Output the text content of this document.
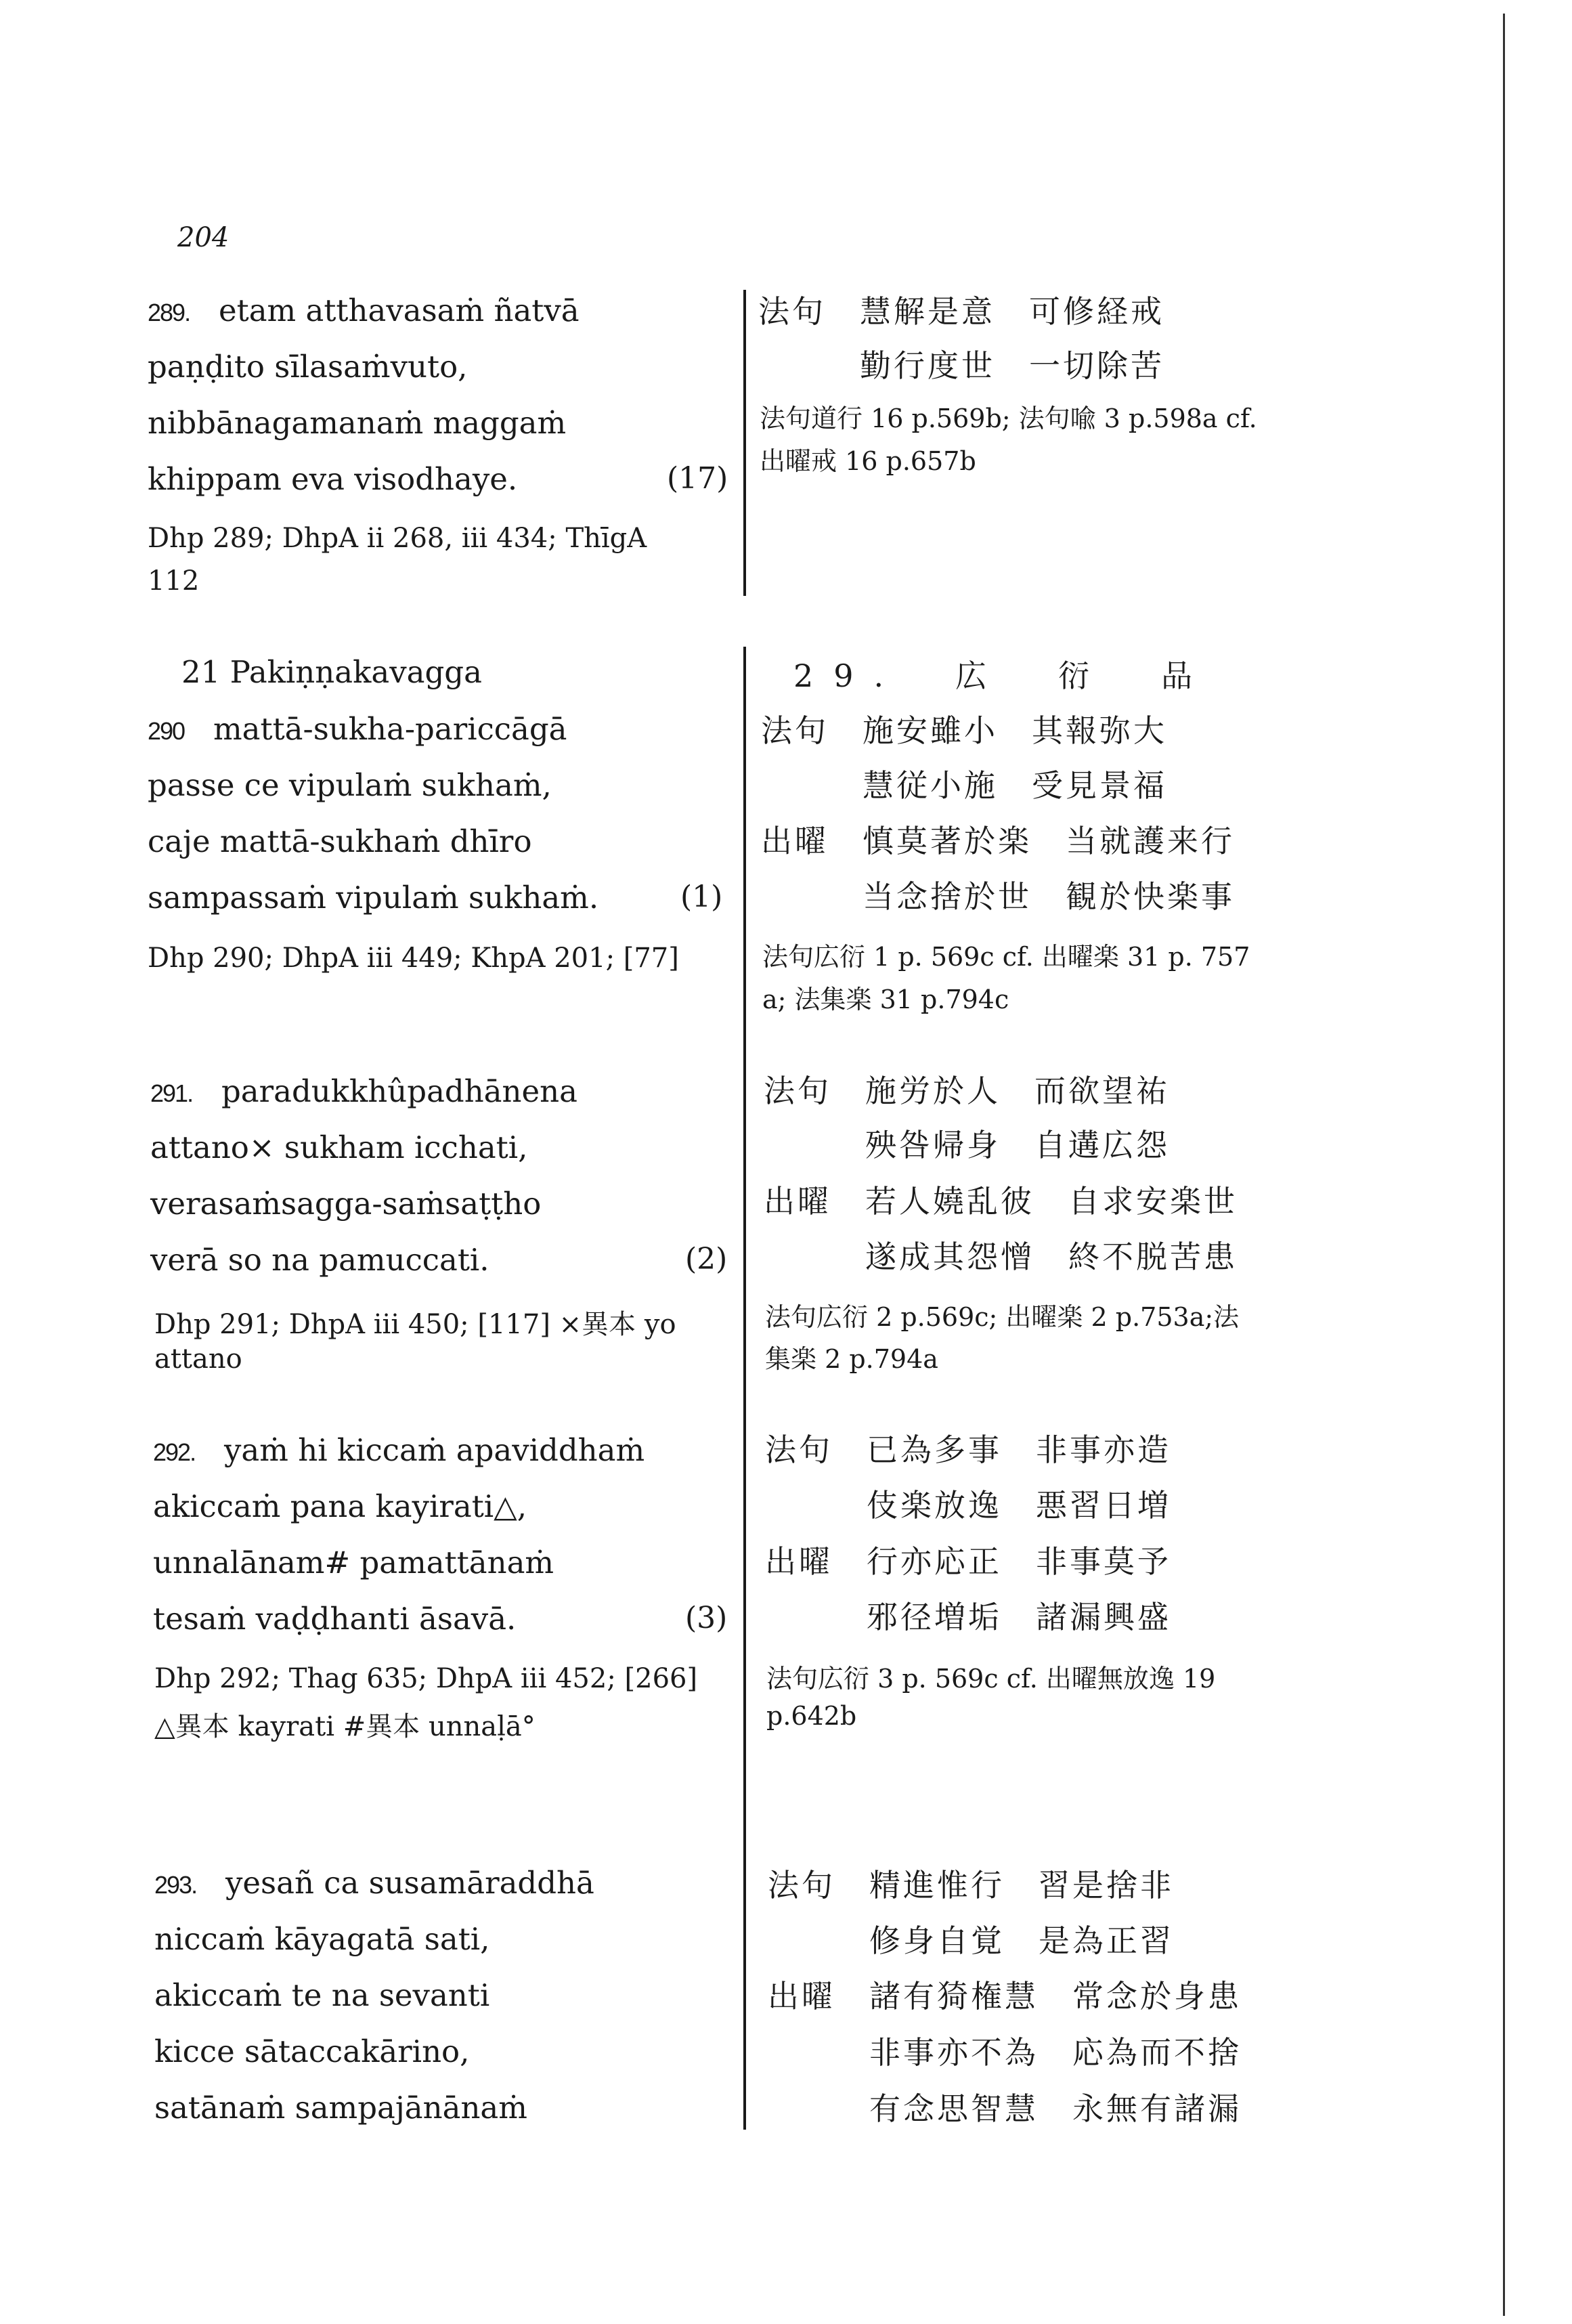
204
289. etam atthavasaṁ ñatvā
paṇḍito sīlasaṁvuto,
nibbānagamanaṁ maggaṁ
khippam eva visodhaye.	(17)
Dhp 289; DhpA ii 268, iii 434; ThīgA
112
21 Pakiṇṇakavagga
290 mattā-sukha-pariccāgā
passe ce vipulaṁ sukhaṁ,
caje mattā-sukhaṁ dhīro
sampassaṁ vipulaṁ sukhaṁ.	(1)
Dhp 290; DhpA iii 449; KhpA 201; [77]
291. paradukkhûpadhānena
attano× sukham icchati,
verasaṁsagga-saṁsaṭṭho
verā so na pamuccati.	(2)
Dhp 291; DhpA iii 450; [117] ×異本 yo
attano
292. yaṁ hi kiccaṁ apaviddhaṁ
akiccaṁ pana kayirati△,
unnalānam# pamattānaṁ
tesaṁ vaḍḍhanti āsavā.	(3)
Dhp 292; Thag 635; DhpA iii 452; [266]
△異本 kayrati #異本 unnaḷā°
293. yesañ ca susamāraddhā
niccaṁ kāyagatā sati,
akiccaṁ te na sevanti
kicce sātaccakārino,
satānaṁ sampajānānaṁ
法句　慧解是意　可修経戒
　　　勤行度世　一切除苦
法句道行 16 p.569b; 法句喩 3 p.598a cf.
出曜戒 16 p.657b
29.　広　衍　品
法句　施安雖小　其報弥大
　　　慧従小施　受見景福
出曜　慎莫著於楽　当就護来行
　　　当念捨於世　観於快楽事
法句広衍 1 p. 569c cf. 出曜楽 31 p. 757
a; 法集楽 31 p.794c
法句　施労於人　而欲望祐
　　　殃咎帰身　自遘広怨
出曜　若人嬈乱彼　自求安楽世
　　　遂成其怨憎　終不脱苦患
法句広衍 2 p.569c; 出曜楽 2 p.753a;法
集楽 2 p.794a
法句　已為多事　非事亦造
　　　伎楽放逸　悪習日増
出曜　行亦応正　非事莫予
　　　邪径増垢　諸漏興盛
法句広衍 3 p. 569c cf. 出曜無放逸 19
p.642b
法句　精進惟行　習是捨非
　　　修身自覚　是為正習
出曜　諸有猗権慧　常念於身患
　　　非事亦不為　応為而不捨
　　　有念思智慧　永無有諸漏
